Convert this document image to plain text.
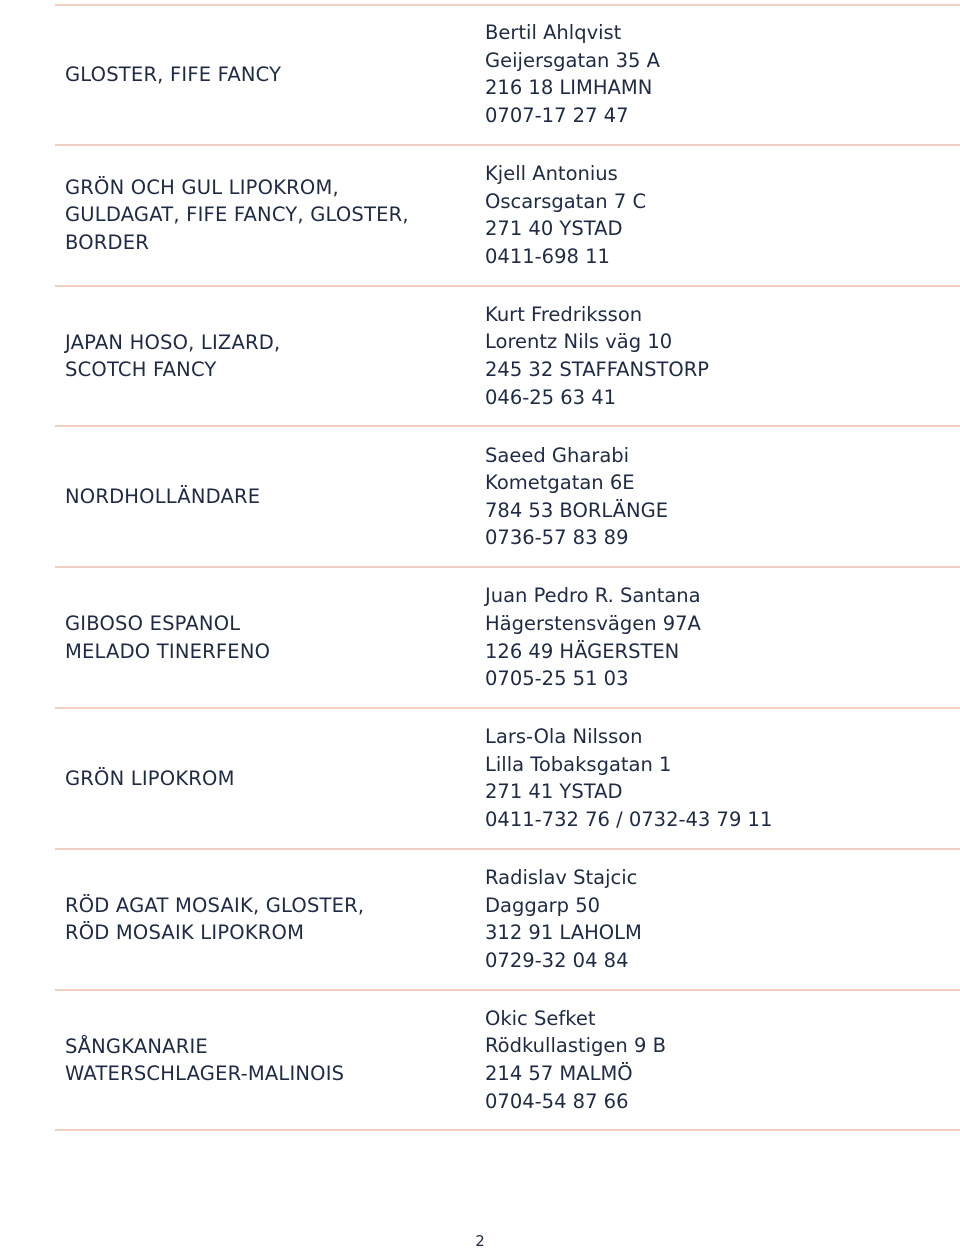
GLOSTER, FIFE FANCY
Bertil Ahlqvist
Geijersgatan 35 A
216 18 LIMHAMN
0707-17 27 47
GRÖN OCH GUL LIPOKROM,
GULDAGAT, FIFE FANCY, GLOSTER,
BORDER
Kjell Antonius
Oscarsgatan 7 C
271 40 YSTAD
0411-698 11
JAPAN HOSO, LIZARD,
SCOTCH FANCY
Kurt Fredriksson
Lorentz Nils väg 10
245 32 STAFFANSTORP
046-25 63 41
NORDHOLLÄNDARE
Saeed Gharabi
Kometgatan 6E
784 53 BORLÄNGE
0736-57 83 89
GIBOSO ESPANOL
MELADO TINERFENO
Juan Pedro R. Santana
Hägerstensvägen 97A
126 49 HÄGERSTEN
0705-25 51 03
GRÖN LIPOKROM
Lars-Ola Nilsson
Lilla Tobaksgatan 1
271 41 YSTAD
0411-732 76 / 0732-43 79 11
RÖD AGAT MOSAIK, GLOSTER,
RÖD MOSAIK LIPOKROM
Radislav Stajcic
Daggarp 50
312 91 LAHOLM
0729-32 04 84
SÅNGKANARIE
WATERSCHLAGER-MALINOIS
Okic Sefket
Rödkullastigen 9 B
214 57 MALMÖ
0704-54 87 66
2
